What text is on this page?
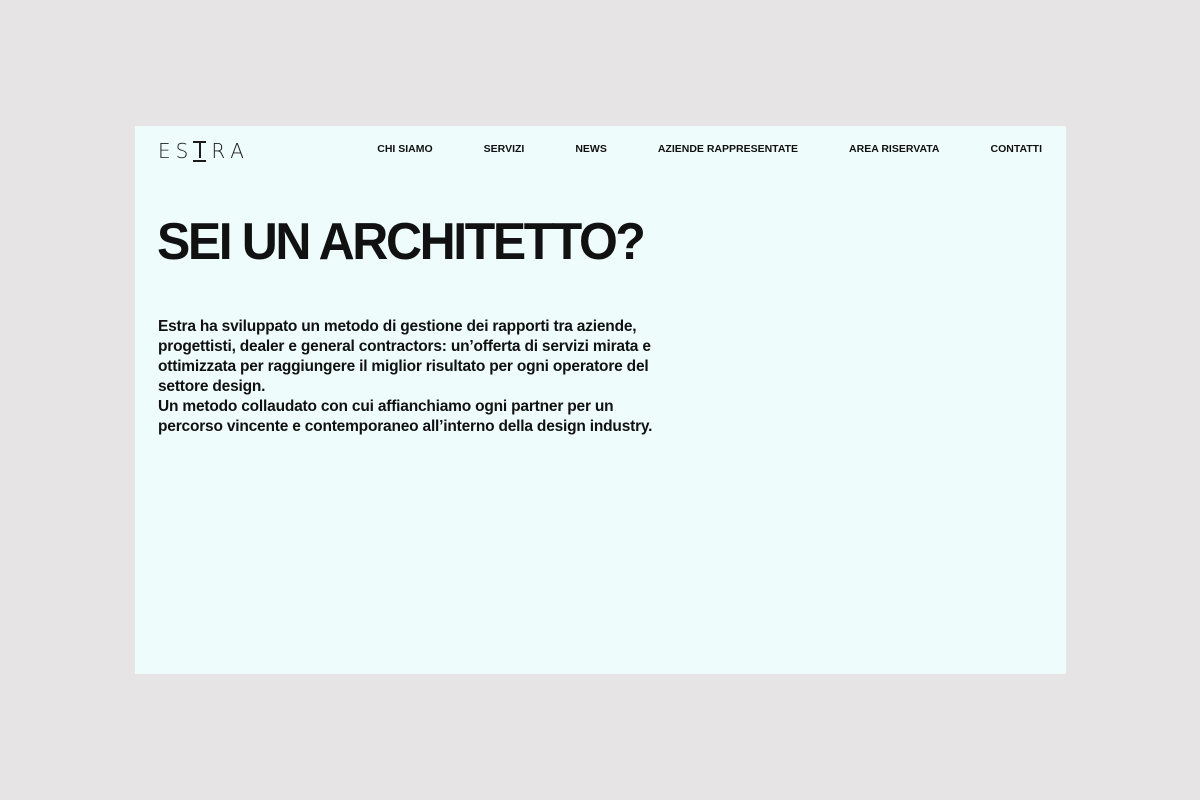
E S R A	CHI SIAMO	SERVIZI	NEWS	AZIENDE RAPPRESENTATE	AREA RISERVATA	CONTATTI
SEI UN ARCHITETTO?

Estra ha sviluppato un metodo di gestione dei rapporti tra aziende, progettisti, dealer e general contractors: un’offerta di servizi mirata e ottimizzata per raggiungere il miglior risultato per ogni operatore del settore design.

Un metodo collaudato con cui affianchiamo ogni partner per un percorso vincente e contemporaneo all’interno della design industry.
